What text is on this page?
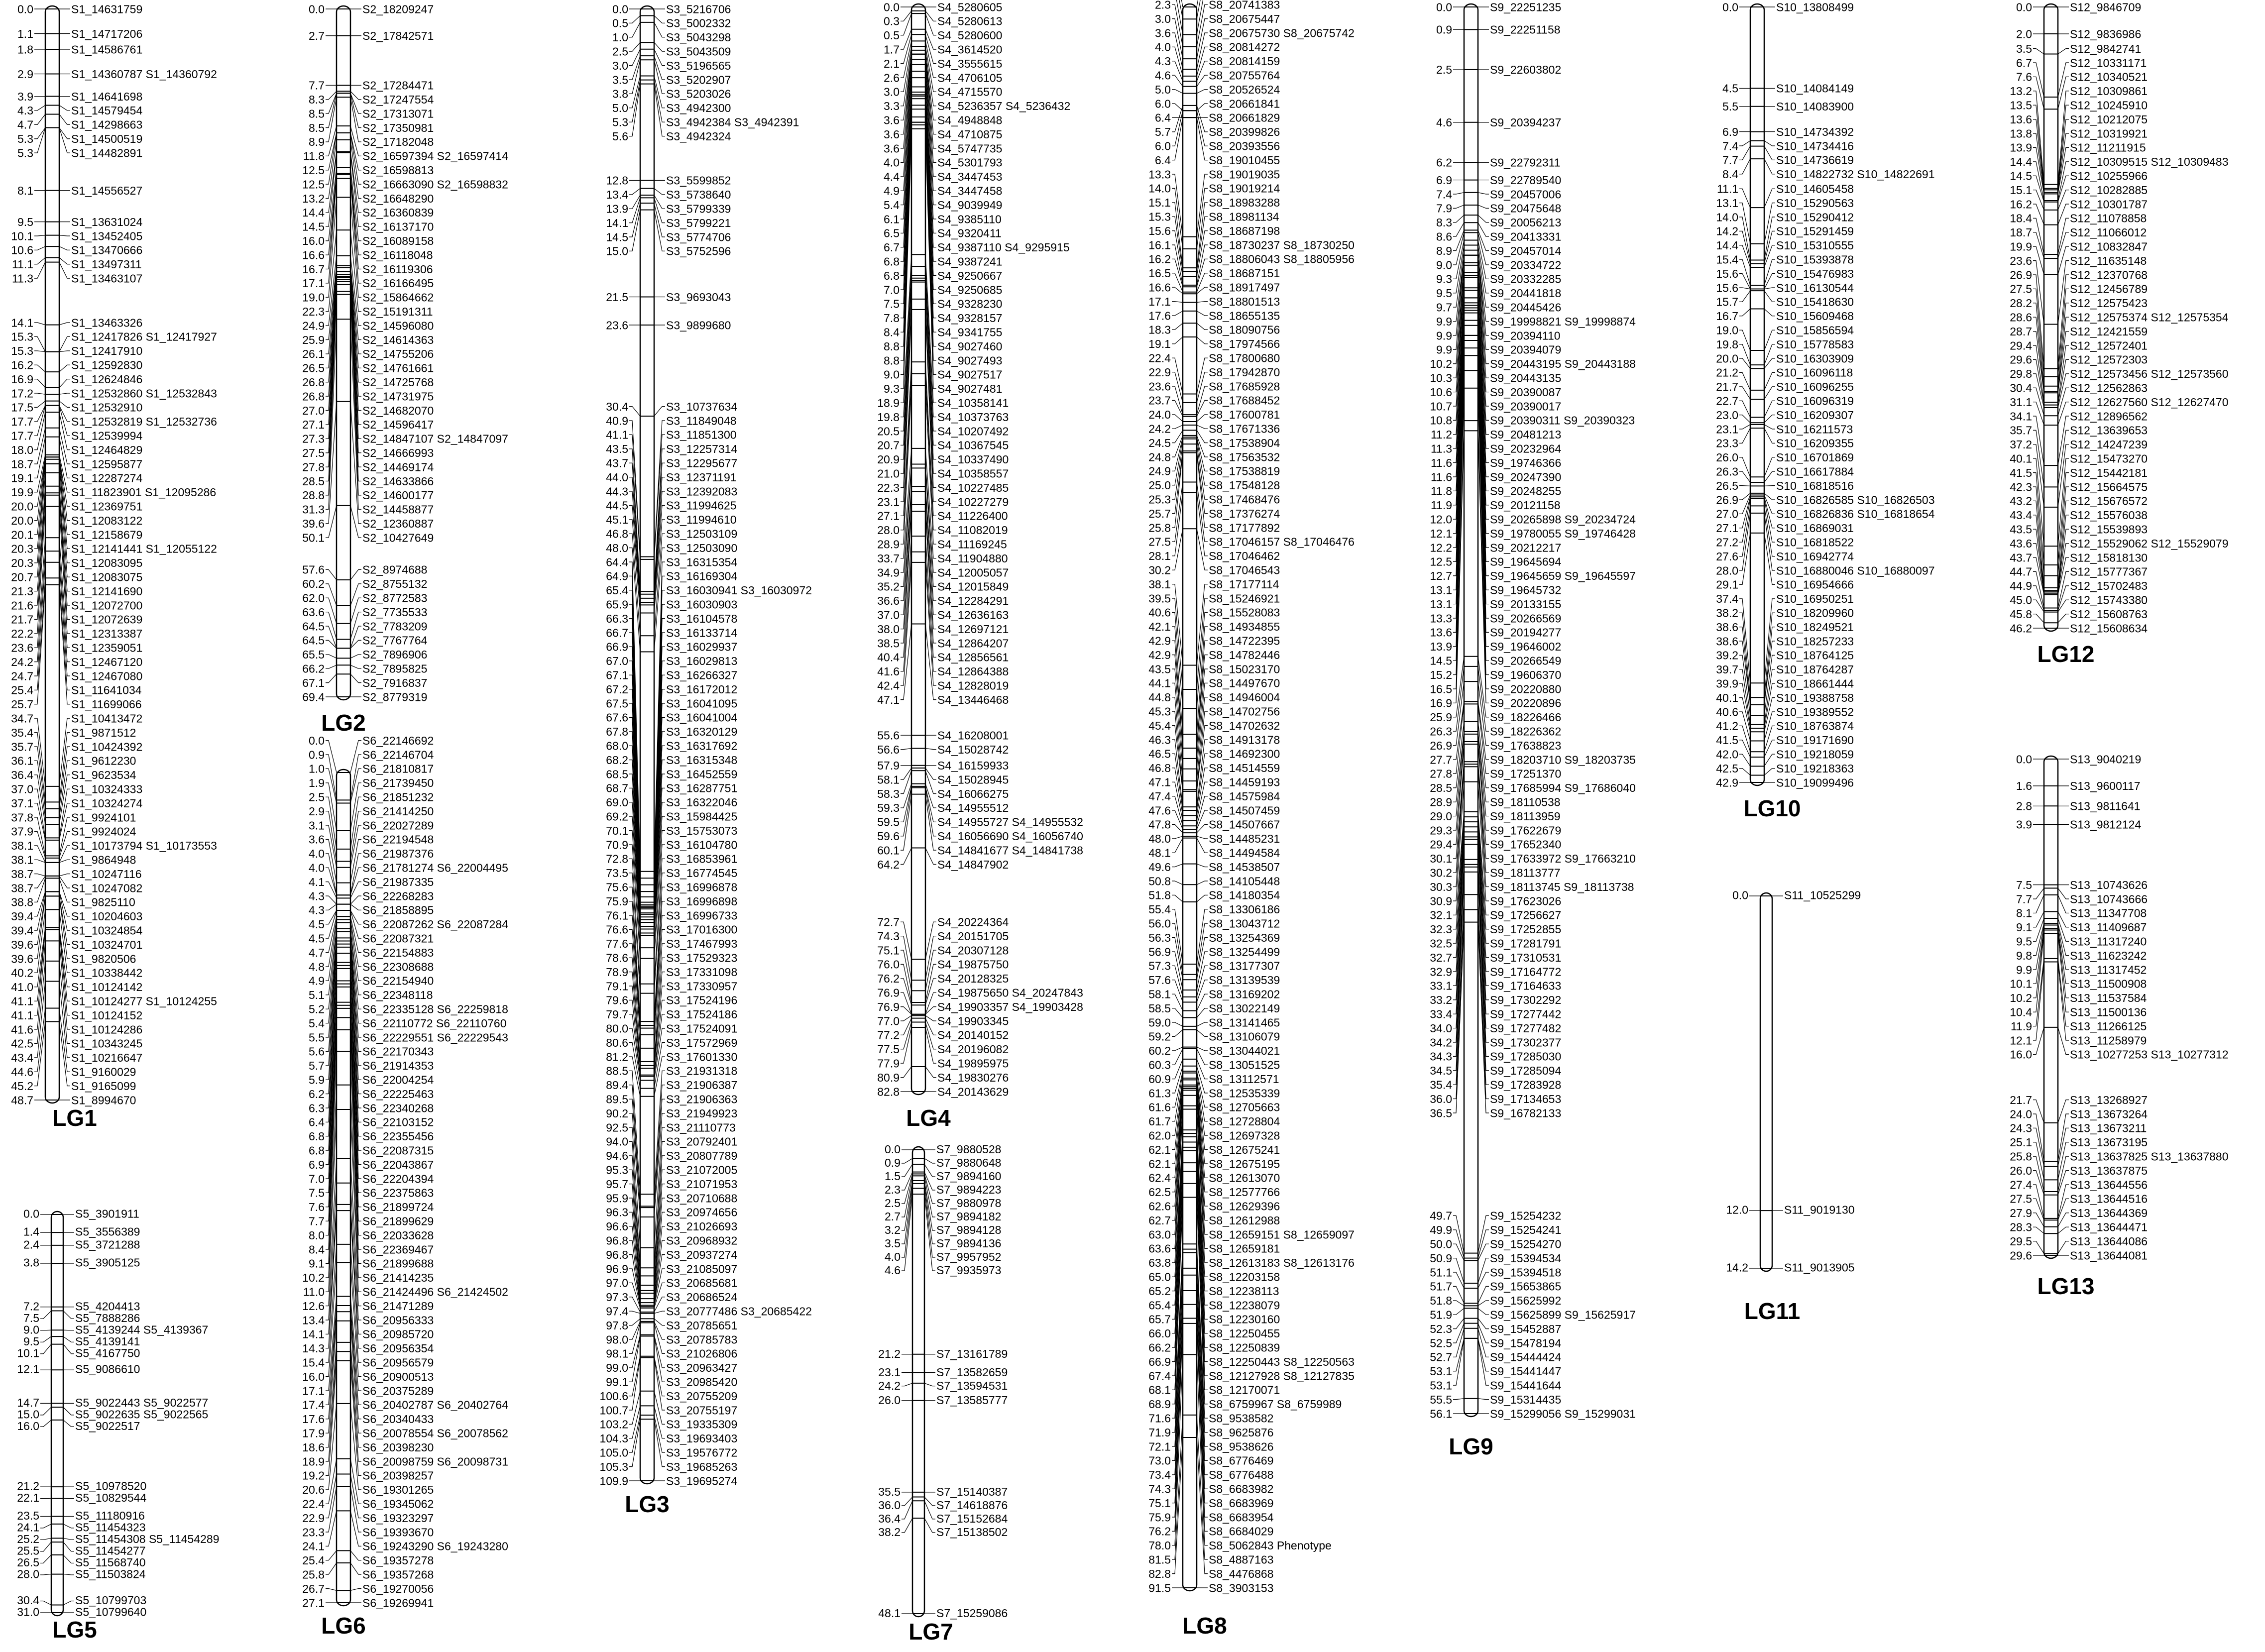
0.0	S1_14631759
1.1	S1_14717206
1.8	S1_14586761
2.9	S1_14360787 S1_14360792
3.9	S1_14641698
4.3	S1_14579454
4.7	S1_14298663
5.3	S1_14500519
5.3	S1_14482891
8.1	S1_14556527
9.5	S1_13631024
10.1	S1_13452405
10.6	S1_13470666
11.1	S1_13497311
11.3	S1_13463107
14.1	S1_13463326
15.3	S1_12417826 S1_12417927
15.3	S1_12417910
16.2	S1_12592830
16.9	S1_12624846
17.2	S1_12532860 S1_12532843
17.5	S1_12532910
17.7	S1_12532819 S1_12532736
17.7	S1_12539994
18.0	S1_12464829
18.7	S1_12595877
19.1	S1_12287274
19.9	S1_11823901 S1_12095286
20.0	S1_12369751
20.0	S1_12083122
20.1	S1_12158679
20.3	S1_12141441 S1_12055122
20.3	S1_12083095
20.7	S1_12083075
21.3	S1_12141690
21.6	S1_12072700
21.7	S1_12072639
22.2	S1_12313387
23.6	S1_12359051
24.2	S1_12467120
24.7	S1_12467080
25.4	S1_11641034
25.7	S1_11699066
34.7	S1_10413472
35.4	S1_9871512
35.7	S1_10424392
36.1	S1_9612230
36.4	S1_9623534
37.0	S1_10324333
37.1	S1_10324274
37.8	S1_9924101
37.9	S1_9924024
38.1	S1_10173794 S1_10173553
38.1	S1_9864948
38.7	S1_10247116
38.7	S1_10247082
38.8	S1_9825110
39.4	S1_10204603
39.4	S1_10324854
39.6	S1_10324701
39.6	S1_9820506
40.2	S1_10338442
41.0	S1_10124142
41.1	S1_10124277 S1_10124255
41.1	S1_10124152
41.6	S1_10124286
42.5	S1_10343245
43.4	S1_10216647
44.6	S1_9160029
45.2	S1_9165099
48.7	S1_8994670
LG1
0.0	S2_18209247
2.7	S2_17842571
7.7	S2_17284471
8.3	S2_17247554
8.5	S2_17313071
8.5	S2_17350981
8.9	S2_17182048
11.8	S2_16597394 S2_16597414
12.5	S2_16598813
12.5	S2_16663090 S2_16598832
13.2	S2_16648290
14.4	S2_16360839
14.5	S2_16137170
16.0	S2_16089158
16.6	S2_16118048
16.7	S2_16119306
17.1	S2_16166495
19.0	S2_15864662
22.3	S2_15191311
24.9	S2_14596080
25.9	S2_14614363
26.1	S2_14755206
26.5	S2_14761661
26.8	S2_14725768
26.8	S2_14731975
27.0	S2_14682070
27.1	S2_14596417
27.3	S2_14847107 S2_14847097
27.5	S2_14666993
27.8	S2_14469174
28.5	S2_14633866
28.8	S2_14600177
31.3	S2_14458877
39.6	S2_12360887
50.1	S2_10427649
57.6	S2_8974688
60.2	S2_8755132
62.0	S2_8772583
63.6	S2_7735533
64.5	S2_7783209
64.5	S2_7767764
65.5	S2_7896906
66.2	S2_7895825
67.1	S2_7916837
69.4	S2_8779319
LG2
0.0	S3_5216706
0.5	S3_5002332
1.0	S3_5043298
2.5	S3_5043509
3.0	S3_5196565
3.5	S3_5202907
3.8	S3_5203026
5.0	S3_4942300
5.3	S3_4942384 S3_4942391
5.6	S3_4942324
12.8	S3_5599852
13.4	S3_5738640
13.9	S3_5799339
14.1	S3_5799221
14.5	S3_5774706
15.0	S3_5752596
21.5	S3_9693043
23.6	S3_9899680
30.4	S3_10737634
40.9	S3_11849048
41.1	S3_11851300
43.5	S3_12257314
43.7	S3_12295677
44.0	S3_12371191
44.3	S3_12392083
44.5	S3_11994625
45.1	S3_11994610
46.8	S3_12503109
48.0	S3_12503090
64.4	S3_16315354
64.9	S3_16169304
65.4	S3_16030941 S3_16030972
65.9	S3_16030903
66.3	S3_16104578
66.7	S3_16133714
66.9	S3_16029937
67.0	S3_16029813
67.1	S3_16266327
67.2	S3_16172012
67.5	S3_16041095
67.6	S3_16041004
67.8	S3_16320129
68.0	S3_16317692
68.2	S3_16315348
68.5	S3_16452559
68.7	S3_16287751
69.0	S3_16322046
69.2	S3_15984425
70.1	S3_15753073
70.9	S3_16104780
72.8	S3_16853961
73.5	S3_16774545
75.6	S3_16996878
75.9	S3_16996898
76.1	S3_16996733
76.6	S3_17016300
77.6	S3_17467993
78.6	S3_17529323
78.9	S3_17331098
79.1	S3_17330957
79.6	S3_17524196
79.7	S3_17524186
80.0	S3_17524091
80.6	S3_17572969
81.2	S3_17601330
88.5	S3_21931318
89.4	S3_21906387
89.5	S3_21906363
90.2	S3_21949923
92.5	S3_21110773
94.0	S3_20792401
94.6	S3_20807789
95.3	S3_21072005
95.7	S3_21071953
95.9	S3_20710688
96.3	S3_20974656
96.6	S3_21026693
96.8	S3_20968932
96.8	S3_20937274
96.9	S3_21085097
97.0	S3_20685681
97.3	S3_20686524
97.4	S3_20777486 S3_20685422
97.8	S3_20785651
98.0	S3_20785783
98.1	S3_21026806
99.0	S3_20963427
99.1	S3_20985420
100.6	S3_20755209
100.7	S3_20755197
103.2	S3_19335309
104.3	S3_19693403
105.0	S3_19576772
105.3	S3_19685263
109.9	S3_19695274
LG3
0.0	S4_5280605
0.3	S4_5280613
0.5	S4_5280600
1.7	S4_3614520
2.1	S4_3555615
2.6	S4_4706105
3.0	S4_4715570
3.3	S4_5236357 S4_5236432
3.6	S4_4948848
3.6	S4_4710875
3.6	S4_5747735
4.0	S4_5301793
4.4	S4_3447453
4.9	S4_3447458
5.4	S4_9039949
6.1	S4_9385110
6.5	S4_9320411
6.7	S4_9387110 S4_9295915
6.8	S4_9387241
6.8	S4_9250667
7.0	S4_9250685
7.5	S4_9328230
7.8	S4_9328157
8.4	S4_9341755
8.8	S4_9027460
8.8	S4_9027493
9.0	S4_9027517
9.3	S4_9027481
18.9	S4_10358141
19.8	S4_10373763
20.5	S4_10207492
20.7	S4_10367545
20.9	S4_10337490
21.0	S4_10358557
22.3	S4_10227485
23.1	S4_10227279
27.1	S4_11226400
28.0	S4_11082019
28.9	S4_11169245
33.7	S4_11904880
34.9	S4_12005057
35.2	S4_12015849
36.6	S4_12284291
37.0	S4_12636163
38.0	S4_12697121
38.5	S4_12864207
40.4	S4_12856561
41.6	S4_12864388
42.4	S4_12828019
47.1	S4_13446468
55.6	S4_16208001
56.6	S4_15028742
57.9	S4_16159933
58.1	S4_15028945
58.3	S4_16066275
59.3	S4_14955512
59.5	S4_14955727 S4_14955532
59.6	S4_16056690 S4_16056740
60.1	S4_14841677 S4_14841738
64.2	S4_14847902
72.7	S4_20224364
74.3	S4_20151705
75.1	S4_20307128
76.0	S4_19875750
76.2	S4_20128325
76.9	S4_19875650 S4_20247843
76.9	S4_19903357 S4_19903428
77.0	S4_19903345
77.2	S4_20140152
77.5	S4_20196082
77.9	S4_19895975
80.9	S4_19830276
82.8	S4_20143629
LG4
0.0	S5_3901911
1.4	S5_3556389
2.4	S5_3721288
3.8	S5_3905125
7.2	S5_4204413
7.5	S5_7888286
9.0	S5_4139244 S5_4139367
9.5	S5_4139141
10.1	S5_4167750
12.1	S5_9086610
14.7	S5_9022443 S5_9022577
15.0	S5_9022635 S5_9022565
16.0	S5_9022517
21.2	S5_10978520
22.1	S5_10829544
23.5	S5_11180916
24.1	S5_11454323
25.2	S5_11454308 S5_11454289
25.5	S5_11454277
26.5	S5_11568740
28.0	S5_11503824
30.4	S5_10799703
31.0	S5_10799640
LG5
0.0	S6_22146692
0.9	S6_22146704
1.0	S6_21810817
1.9	S6_21739450
2.5	S6_21851232
2.9	S6_21414250
3.1	S6_22027289
3.6	S6_22194548
4.0	S6_21987376
4.0	S6_21781274 S6_22004495
4.1	S6_21987335
4.3	S6_22268283
4.3	S6_21858895
4.5	S6_22087262 S6_22087284
4.5	S6_22087321
4.7	S6_22154883
4.8	S6_22308688
4.9	S6_22154940
5.1	S6_22348118
5.2	S6_22335128 S6_22259818
5.4	S6_22110772 S6_22110760
5.5	S6_22229551 S6_22229543
5.6	S6_22170343
5.7	S6_21914353
5.9	S6_22004254
6.2	S6_22225463
6.3	S6_22340268
6.4	S6_22103152
6.8	S6_22355456
6.8	S6_22087315
6.9	S6_22043867
7.0	S6_22204394
7.5	S6_22375863
7.6	S6_21899724
7.7	S6_21899629
8.0	S6_22033628
8.4	S6_22369467
9.1	S6_21899688
10.2	S6_21414235
11.0	S6_21424496 S6_21424502
12.6	S6_21471289
13.4	S6_20956333
14.1	S6_20985720
14.3	S6_20956354
15.4	S6_20956579
16.0	S6_20900513
17.1	S6_20375289
17.4	S6_20402787 S6_20402764
17.6	S6_20340433
17.9	S6_20078554 S6_20078562
18.6	S6_20398230
18.9	S6_20098759 S6_20098731
19.2	S6_20398257
20.6	S6_19301265
22.4	S6_19345062
22.9	S6_19323297
23.3	S6_19393670
24.1	S6_19243290 S6_19243280
25.4	S6_19357278
25.8	S6_19357268
26.7	S6_19270056
27.1	S6_19269941
LG6
0.0	S7_9880528
0.9	S7_9880648
1.5	S7_9894160
2.3	S7_9894223
2.5	S7_9880978
2.7	S7_9894182
3.2	S7_9894128
3.5	S7_9894136
4.0	S7_9957952
4.6	S7_9935973
21.2	S7_13161789
23.1	S7_13582659
24.2	S7_13594531
26.0	S7_13585777
35.5	S7_15140387
36.0	S7_14618876
36.4	S7_15152684
38.2	S7_15138502
48.1	S7_15259086
LG7
2.3	S8_20741383
3.0	S8_20675447
3.6	S8_20675730 S8_20675742
4.0	S8_20814272
4.3	S8_20814159
4.6	S8_20755764
5.0	S8_20526524
6.0	S8_20661841
6.4	S8_20661829
5.7	S8_20399826
6.0	S8_20393556
6.4	S8_19010455
13.3	S8_19019035
14.0	S8_19019214
15.1	S8_18983288
15.3	S8_18981134
15.6	S8_18687198
16.1	S8_18730237 S8_18730250
16.2	S8_18806043 S8_18805956
16.5	S8_18687151
16.6	S8_18917497
17.1	S8_18801513
17.6	S8_18655135
18.3	S8_18090756
19.1	S8_17974566
22.4	S8_17800680
22.9	S8_17942870
23.6	S8_17685928
23.7	S8_17688452
24.0	S8_17600781
24.2	S8_17671336
24.5	S8_17538904
24.8	S8_17563532
24.9	S8_17538819
25.0	S8_17548128
25.3	S8_17468476
25.7	S8_17376274
25.8	S8_17177892
27.5	S8_17046157 S8_17046476
28.1	S8_17046462
30.2	S8_17046543
38.1	S8_17177114
39.5	S8_15246921
40.6	S8_15528083
42.1	S8_14934855
42.9	S8_14722395
42.9	S8_14782446
43.5	S8_15023170
44.1	S8_14497670
44.8	S8_14946004
45.3	S8_14702756
45.4	S8_14702632
46.3	S8_14913178
46.5	S8_14692300
46.8	S8_14514559
47.1	S8_14459193
47.4	S8_14575984
47.6	S8_14507459
47.8	S8_14507667
48.0	S8_14485231
48.1	S8_14494584
49.6	S8_14538507
50.8	S8_14105448
51.8	S8_14180354
55.4	S8_13306186
56.0	S8_13043712
56.3	S8_13254369
56.9	S8_13254499
57.3	S8_13177307
57.6	S8_13139539
58.1	S8_13169202
58.5	S8_13022149
59.0	S8_13141465
59.2	S8_13106079
60.2	S8_13044021
60.3	S8_13051525
60.9	S8_13112571
61.3	S8_12535339
61.6	S8_12705663
61.7	S8_12728804
62.0	S8_12697328
62.1	S8_12675241
62.1	S8_12675195
62.4	S8_12613070
62.5	S8_12577766
62.6	S8_12629396
62.7	S8_12612988
63.0	S8_12659151 S8_12659097
63.6	S8_12659181
63.8	S8_12613183 S8_12613176
65.0	S8_12203158
65.2	S8_12238113
65.4	S8_12238079
65.7	S8_12230160
66.0	S8_12250455
66.2	S8_12250839
66.9	S8_12250443 S8_12250563
67.4	S8_12127928 S8_12127835
68.1	S8_12170071
68.9	S8_6759967 S8_6759989
71.6	S8_9538582
71.9	S8_9625876
72.1	S8_9538626
73.0	S8_6776469
73.4	S8_6776488
74.3	S8_6683982
75.1	S8_6683969
75.9	S8_6683954
76.2	S8_6684029
78.0	S8_5062843 Phenotype
81.5	S8_4887163
82.8	S8_4476868
91.5	S8_3903153
LG8
0.0	S9_22251235
0.9	S9_22251158
2.5	S9_22603802
4.6	S9_20394237
6.2	S9_22792311
6.9	S9_22789540
7.4	S9_20457006
7.9	S9_20475648
8.3	S9_20056213
8.6	S9_20413331
8.9	S9_20457014
9.0	S9_20334722
9.3	S9_20332285
9.5	S9_20441818
9.7	S9_20445426
9.9	S9_19998821 S9_19998874
9.9	S9_20394110
9.9	S9_20394079
10.2	S9_20443195 S9_20443188
10.3	S9_20443135
10.6	S9_20390087
10.7	S9_20390017
10.8	S9_20390311 S9_20390323
11.2	S9_20481213
11.3	S9_20232964
11.6	S9_19746366
11.6	S9_20247390
11.8	S9_20248255
11.9	S9_20121158
12.0	S9_20265898 S9_20234724
12.1	S9_19780055 S9_19746428
12.2	S9_20212217
12.5	S9_19645694
12.7	S9_19645659 S9_19645597
13.1	S9_19645732
13.1	S9_20133155
13.3	S9_20266569
13.6	S9_20194277
13.9	S9_19646002
14.5	S9_20266549
15.2	S9_19606370
16.5	S9_20220880
16.9	S9_20220896
25.9	S9_18226466
26.3	S9_18226362
26.9	S9_17638823
27.7	S9_18203710 S9_18203735
27.8	S9_17251370
28.5	S9_17685994 S9_17686040
28.9	S9_18110538
29.0	S9_18113959
29.3	S9_17622679
29.4	S9_17652340
30.1	S9_17633972 S9_17663210
30.2	S9_18113777
30.3	S9_18113745 S9_18113738
30.9	S9_17623026
32.1	S9_17256627
32.3	S9_17252855
32.5	S9_17281791
32.7	S9_17310531
32.9	S9_17164772
33.1	S9_17164633
33.2	S9_17302292
33.4	S9_17277442
34.0	S9_17277482
34.2	S9_17302377
34.3	S9_17285030
34.5	S9_17285094
35.4	S9_17283928
36.0	S9_17134653
36.5	S9_16782133
49.7	S9_15254232
49.9	S9_15254241
50.0	S9_15254270
50.9	S9_15394534
51.1	S9_15394518
51.7	S9_15653865
51.8	S9_15625992
51.9	S9_15625899 S9_15625917
52.3	S9_15452887
52.5	S9_15478194
52.7	S9_15444424
53.1	S9_15441447
53.1	S9_15441644
55.5	S9_15314435
56.1	S9_15299056 S9_15299031
LG9
0.0	S10_13808499
4.5	S10_14084149
5.5	S10_14083900
6.9	S10_14734392
7.4	S10_14734416
7.7	S10_14736619
8.4	S10_14822732 S10_14822691
11.1	S10_14605458
13.1	S10_15290563
14.0	S10_15290412
14.2	S10_15291459
14.4	S10_15310555
15.4	S10_15393878
15.6	S10_15476983
15.6	S10_16130544
15.7	S10_15418630
16.7	S10_15609468
19.0	S10_15856594
19.8	S10_15778583
20.0	S10_16303909
21.2	S10_16096118
21.7	S10_16096255
22.7	S10_16096319
23.0	S10_16209307
23.1	S10_16211573
23.3	S10_16209355
26.0	S10_16701869
26.3	S10_16617884
26.5	S10_16818516
26.9	S10_16826585 S10_16826503
27.0	S10_16826836 S10_16818654
27.1	S10_16869031
27.2	S10_16818522
27.6	S10_16942774
28.0	S10_16880046 S10_16880097
29.1	S10_16954666
37.4	S10_16950251
38.2	S10_18209960
38.6	S10_18249521
38.6	S10_18257233
39.2	S10_18764125
39.7	S10_18764287
39.9	S10_18661444
40.1	S10_19388758
40.6	S10_19389552
41.2	S10_18763874
41.5	S10_19171690
42.0	S10_19218059
42.5	S10_19218363
42.9	S10_19099496
LG10
0.0	S11_10525299
12.0	S11_9019130
14.2	S11_9013905
LG11
0.0	S12_9846709
2.0	S12_9836986
3.5	S12_9842741
6.7	S12_10331171
7.6	S12_10340521
13.2	S12_10309861
13.5	S12_10245910
13.6	S12_10212075
13.8	S12_10319921
13.9	S12_11211915
14.4	S12_10309515 S12_10309483
14.5	S12_10255966
15.1	S12_10282885
16.2	S12_10301787
18.4	S12_11078858
18.7	S12_11066012
19.9	S12_10832847
23.6	S12_11635148
26.9	S12_12370768
27.5	S12_12456789
28.2	S12_12575423
28.6	S12_12575374 S12_12575354
28.7	S12_12421559
29.4	S12_12572401
29.6	S12_12572303
29.8	S12_12573456 S12_12573560
30.4	S12_12562863
31.1	S12_12627560 S12_12627470
34.1	S12_12896562
35.7	S12_13639653
37.2	S12_14247239
40.1	S12_15473270
41.5	S12_15442181
42.3	S12_15664575
43.2	S12_15676572
43.4	S12_15576038
43.5	S12_15539893
43.6	S12_15529062 S12_15529079
43.7	S12_15818130
44.7	S12_15777367
44.9	S12_15702483
45.0	S12_15743380
45.8	S12_15608763
46.2	S12_15608634
LG12
0.0	S13_9040219
1.6	S13_9600117
2.8	S13_9811641
3.9	S13_9812124
7.5	S13_10743626
7.7	S13_10743666
8.1	S13_11347708
9.1	S13_11409687
9.5	S13_11317240
9.8	S13_11623242
9.9	S13_11317452
10.1	S13_11500908
10.2	S13_11537584
10.4	S13_11500136
11.9	S13_11266125
12.1	S13_11258979
16.0	S13_10277253 S13_10277312
21.7	S13_13268927
24.0	S13_13673264
24.3	S13_13673211
25.1	S13_13673195
25.8	S13_13637825 S13_13637880
26.0	S13_13637875
27.4	S13_13644556
27.5	S13_13644516
27.9	S13_13644369
28.3	S13_13644471
29.5	S13_13644086
29.6	S13_13644081
LG13
